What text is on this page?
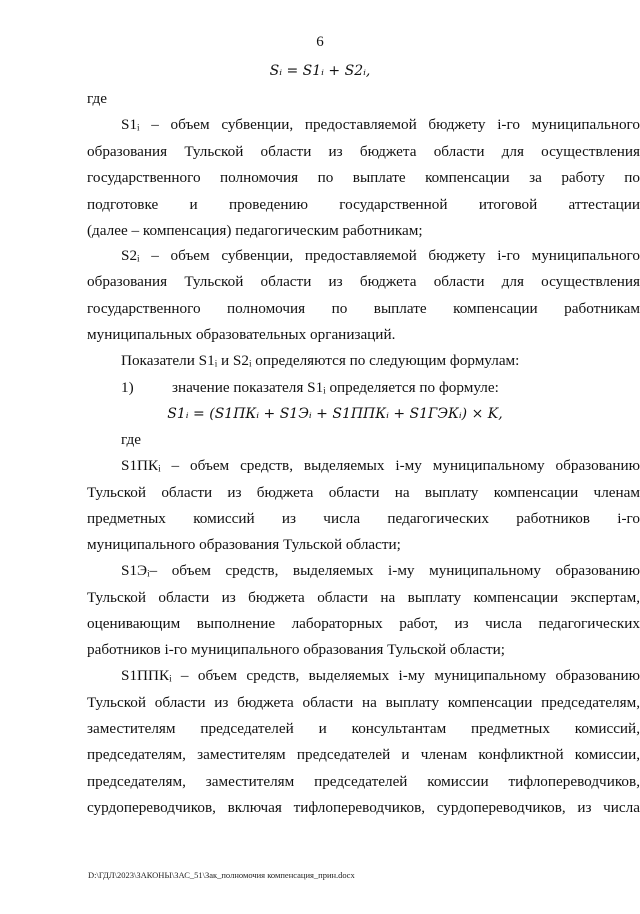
6
Sᵢ = S1ᵢ + S2ᵢ,
где
S1ᵢ – объем субвенции, предоставляемой бюджету i-го муниципального
образования Тульской области из бюджета области для осуществления
государственного полномочия по выплате компенсации за работу по
подготовке и проведению государственной итоговой аттестации
(далее – компенсация) педагогическим работникам;
S2ᵢ – объем субвенции, предоставляемой бюджету i-го муниципального
образования Тульской области из бюджета области для осуществления
государственного полномочия по выплате компенсации работникам
муниципальных образовательных организаций.
Показатели S1ᵢ и S2ᵢ определяются по следующим формулам:
1)	значение показателя S1ᵢ определяется по формуле:
S1ᵢ = (S1ПКᵢ + S1Эᵢ + S1ППКᵢ + S1ГЭКᵢ) × K,
где
S1ПКᵢ – объем средств, выделяемых i-му муниципальному образованию
Тульской области из бюджета области на выплату компенсации членам
предметных комиссий из числа педагогических работников i-го
муниципального образования Тульской области;
S1Эᵢ– объем средств, выделяемых i-му муниципальному образованию
Тульской области из бюджета области на выплату компенсации экспертам,
оценивающим выполнение лабораторных работ, из числа педагогических
работников i-го муниципального образования Тульской области;
S1ППКᵢ – объем средств, выделяемых i-му муниципальному образованию
Тульской области из бюджета области на выплату компенсации председателям,
заместителям председателей и консультантам предметных комиссий,
председателям, заместителям председателей и членам конфликтной комиссии,
председателям, заместителям председателей комиссии тифлопереводчиков,
сурдопереводчиков, включая тифлопереводчиков, сурдопереводчиков, из числа
D:\ГДЛ\2023\ЗАКОНЫ\ЗАС_51\Зак_полномочия компенсация_прин.docx
